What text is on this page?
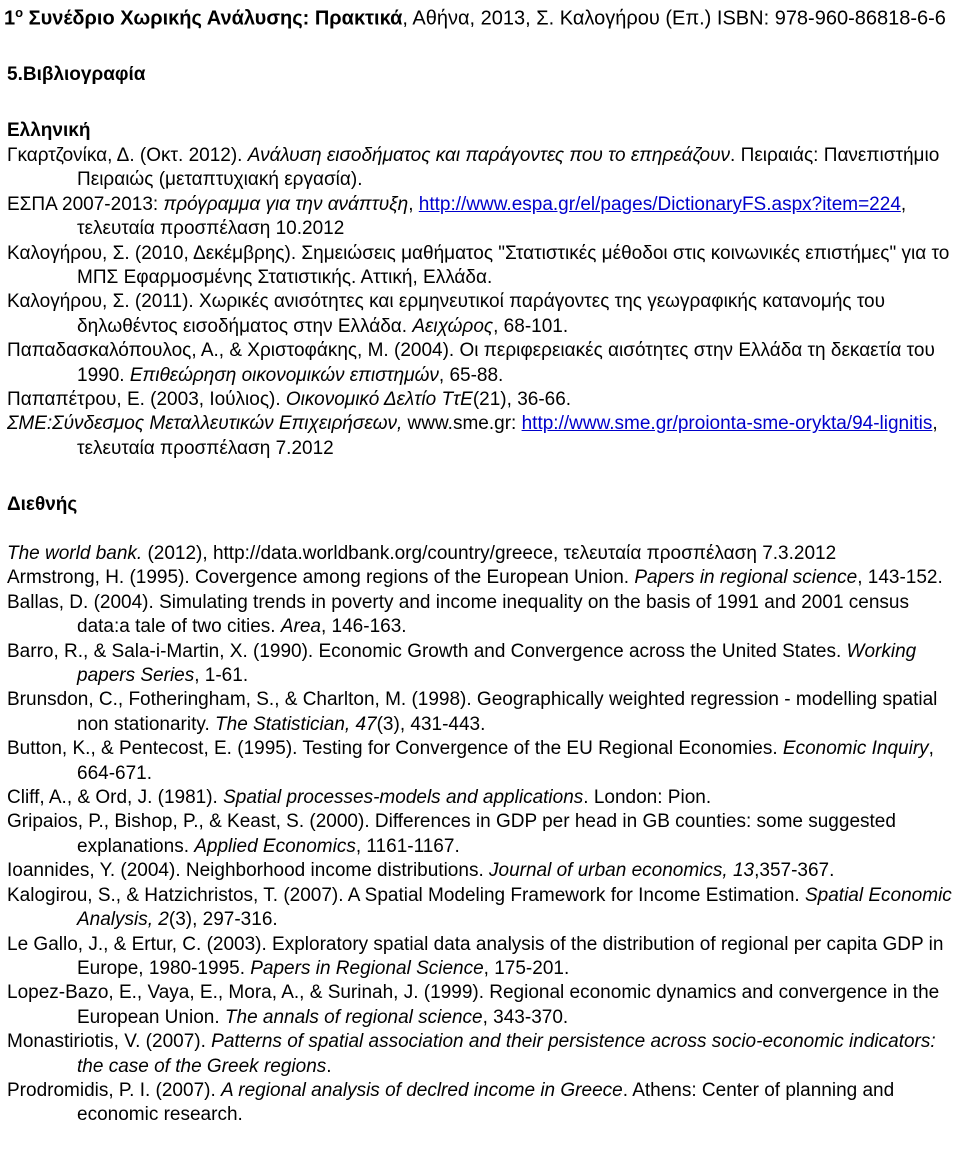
$1^o$ Συνέδριο Χωρικής Ανάλυσης: Πρακτικά, Αθήνα, 2013, Σ. Καλογήρου (Επ.) ISBN: 978-960-86818-6-6
5.Βιβλιογραφία
Ελληνική

Γκαρτζονίκα, Δ. (Οκτ. 2012). Ανάλυση εισοδήματος και παράγοντες που το επηρεάζουν. Πειραιάς: Πανεπιστήμιο Πειραιώς (μεταπτυχιακή εργασία).

ΕΣΠΑ 2007-2013: πρόγραμμα για την ανάπτυξη, http://www.espa.gr/el/pages/DictionaryFS.aspx?item=224, τελευταία προσπέλαση 10.2012

Καλογήρου, Σ. (2010, Δεκέμβρης). Σημειώσεις μαθήματος "Στατιστικές μέθοδοι στις κοινωνικές επιστήμες" για το ΜΠΣ Εφαρμοσμένης Στατιστικής. Αττική, Ελλάδα.

Καλογήρου, Σ. (2011). Χωρικές ανισότητες και ερμηνευτικοί παράγοντες της γεωγραφικής κατανομής του δηλωθέντος εισοδήματος στην Ελλάδα. Αειχώρος, 68-101.

Παπαδασκαλόπουλος, Α., & Χριστοφάκης, Μ. (2004). Οι περιφερειακές αισότητες στην Ελλάδα τη δεκαετία του 1990. Επιθεώρηση οικονομικών επιστημών, 65-88.

Παπαπέτρου, Ε. (2003, Ιούλιος). Οικονομικό Δελτίο ΤτΕ(21), 36-66.

ΣΜΕ:Σύνδεσμος Μεταλλευτικών Επιχειρήσεων, www.sme.gr: http://www.sme.gr/proionta-sme-orykta/94-lignitis, τελευταία προσπέλαση 7.2012

Διεθνής

The world bank. (2012), http://data.worldbank.org/country/greece, τελευταία προσπέλαση 7.3.2012

Armstrong, H. (1995). Covergence among regions of the European Union. Papers in regional science, 143-152.

Ballas, D. (2004). Simulating trends in poverty and income inequality on the basis of 1991 and 2001 census data:a tale of two cities. Area, 146-163.

Barro, R., & Sala-i-Martin, X. (1990). Economic Growth and Convergence across the United States. Working papers Series, 1-61.

Brunsdon, C., Fotheringham, S., & Charlton, M. (1998). Geographically weighted regression - modelling spatial non stationarity. The Statistician, 47(3), 431-443.

Button, K., & Pentecost, E. (1995). Testing for Convergence of the EU Regional Economies. Economic Inquiry, 664-671.

Cliff, A., & Ord, J. (1981). Spatial processes-models and applications. London: Pion.

Gripaios, P., Bishop, P., & Keast, S. (2000). Differences in GDP per head in GB counties: some suggested explanations. Applied Economics, 1161-1167.

Ioannides, Y. (2004). Neighborhood income distributions. Journal of urban economics, 13,357-367.

Kalogirou, S., & Hatzichristos, T. (2007). A Spatial Modeling Framework for Income Estimation. Spatial Economic Analysis, 2(3), 297-316.

Le Gallo, J., & Ertur, C. (2003). Exploratory spatial data analysis of the distribution of regional per capita GDP in Europe, 1980-1995. Papers in Regional Science, 175-201.

Lopez-Bazo, E., Vaya, E., Mora, A., & Surinah, J. (1999). Regional economic dynamics and convergence in the European Union. The annals of regional science, 343-370.

Monastiriotis, V. (2007). Patterns of spatial association and their persistence across socio-economic indicators: the case of the Greek regions.

Prodromidis, P. I. (2007). A regional analysis of declred income in Greece. Athens: Center of planning and economic research.
